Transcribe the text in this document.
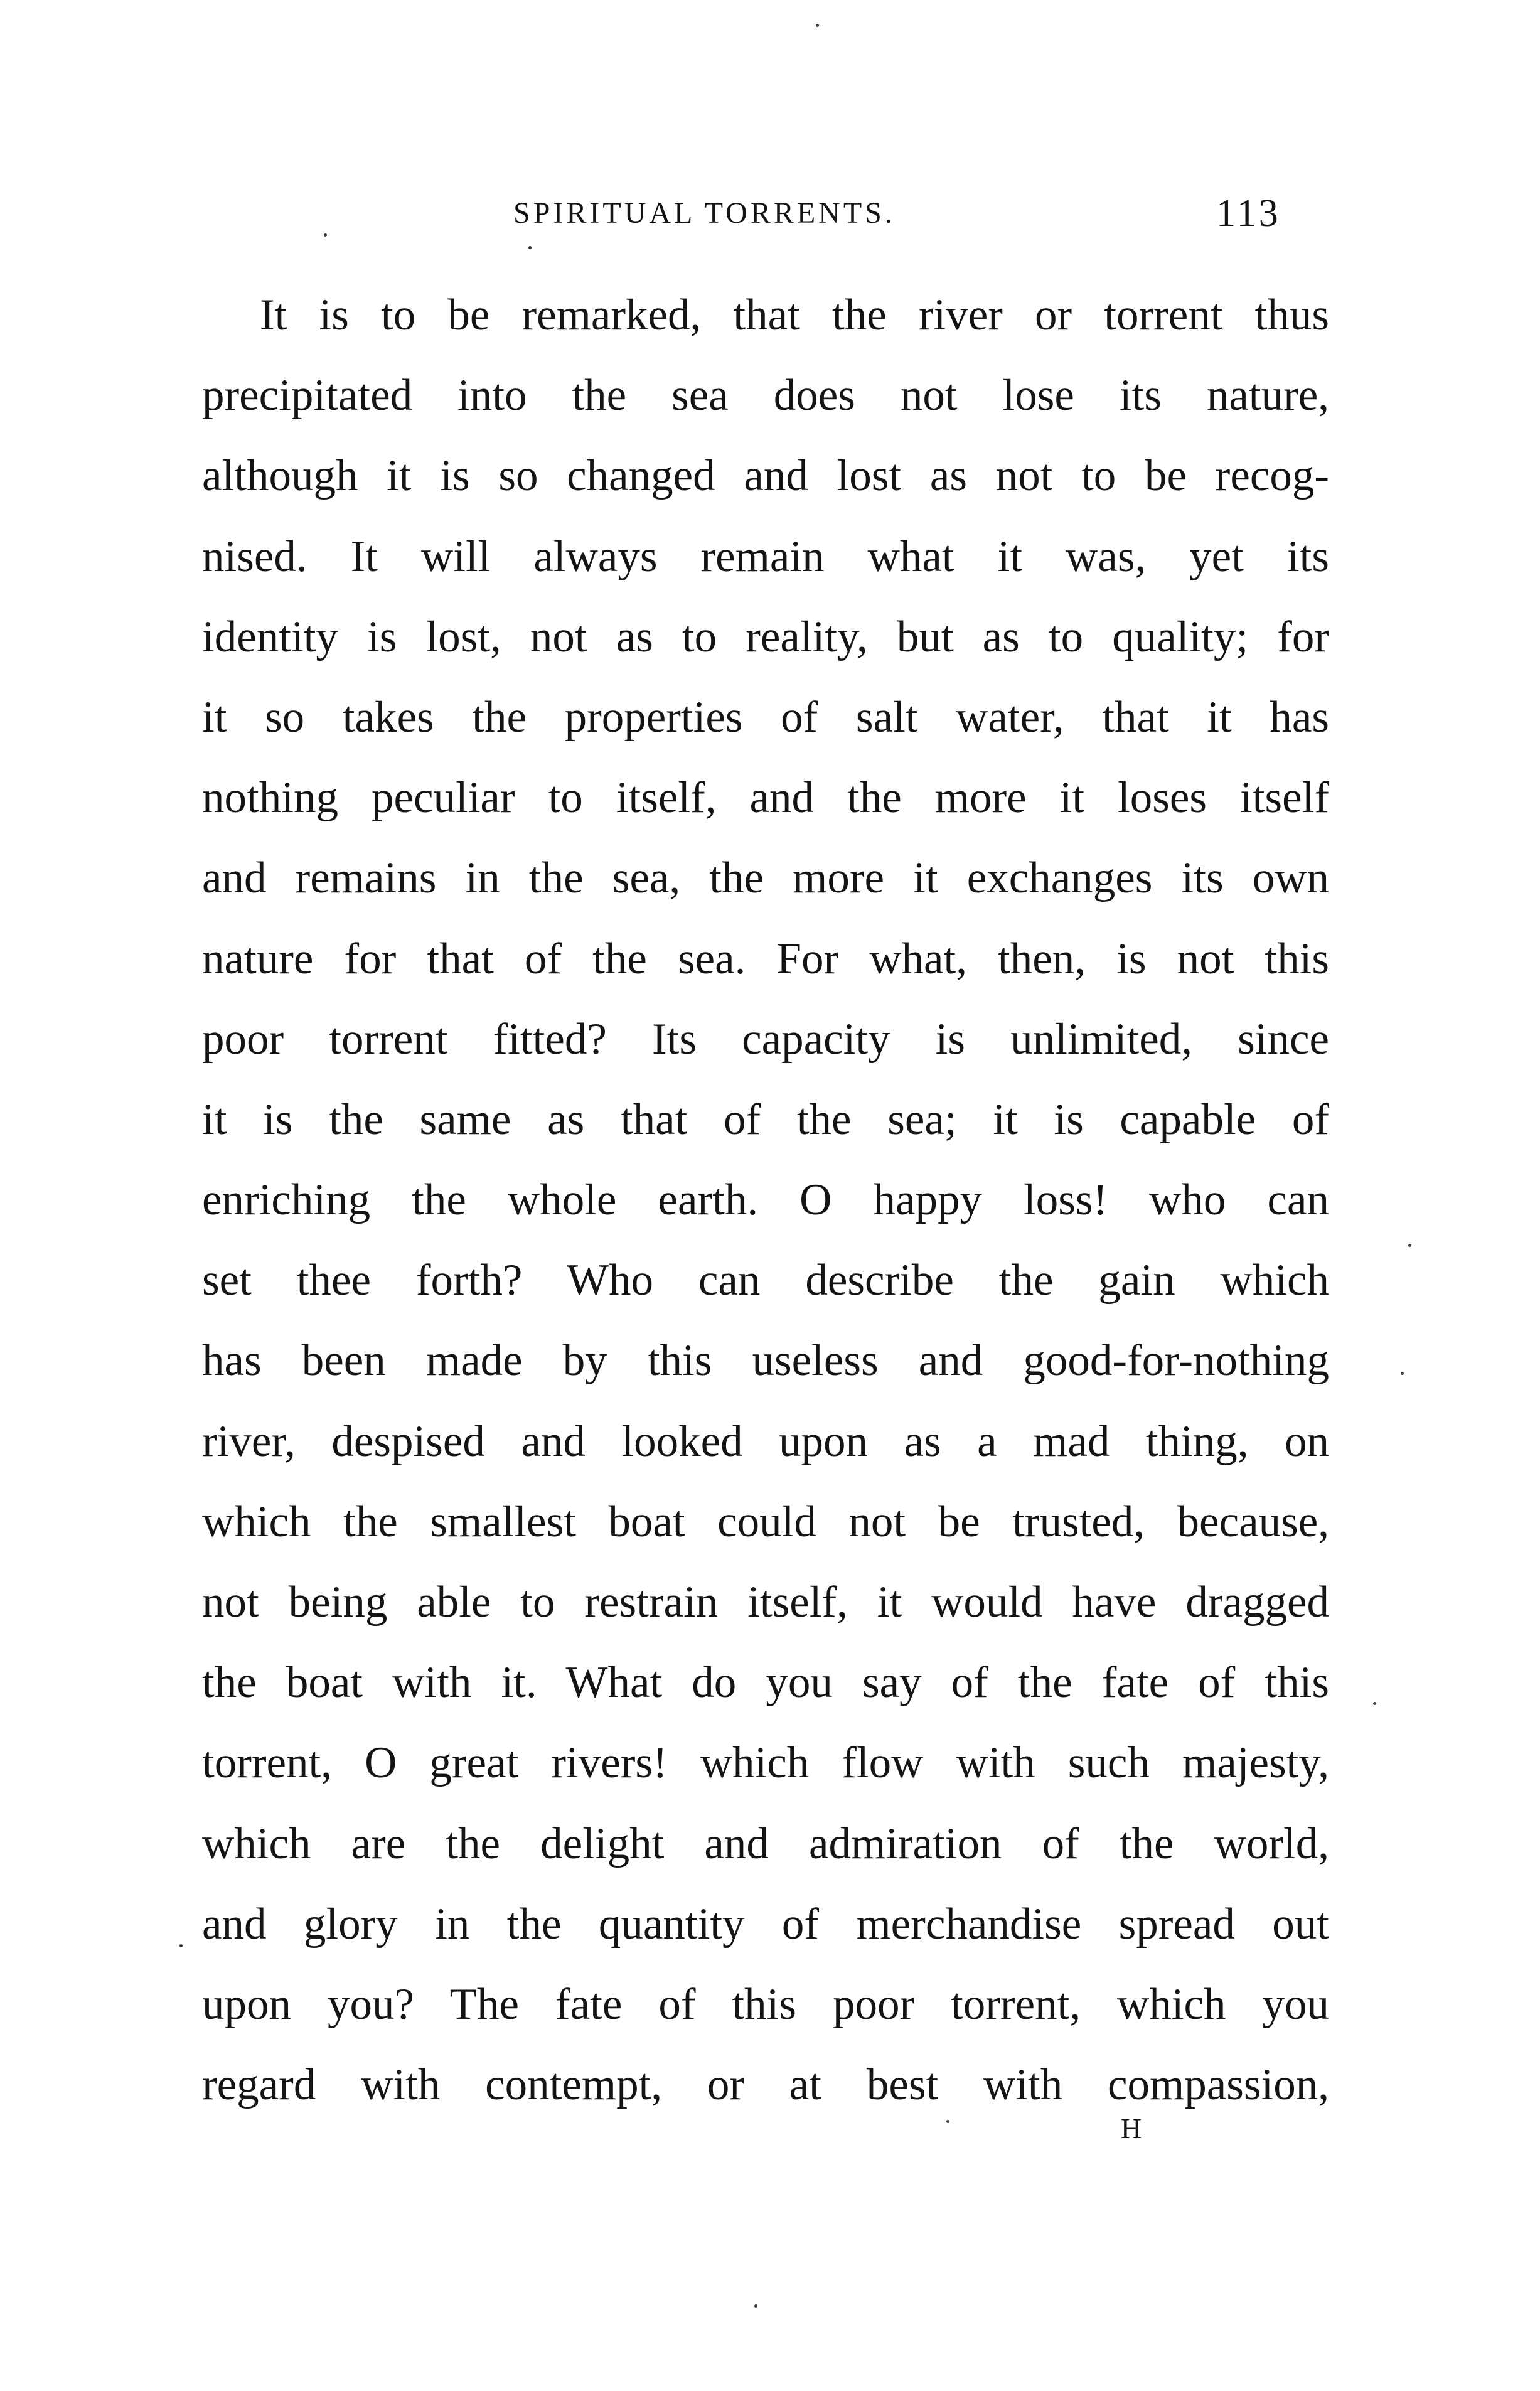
SPIRITUAL TORRENTS.	113
It is to be remarked, that the river or torrent thus
precipitated into the sea does not lose its nature,
although it is so changed and lost as not to be recog-
nised. It will always remain what it was, yet its
identity is lost, not as to reality, but as to quality; for
it so takes the properties of salt water, that it has
nothing peculiar to itself, and the more it loses itself
and remains in the sea, the more it exchanges its own
nature for that of the sea. For what, then, is not this
poor torrent fitted? Its capacity is unlimited, since
it is the same as that of the sea; it is capable of
enriching the whole earth. O happy loss! who can
set thee forth? Who can describe the gain which
has been made by this useless and good-for-nothing
river, despised and looked upon as a mad thing, on
which the smallest boat could not be trusted, because,
not being able to restrain itself, it would have dragged
the boat with it. What do you say of the fate of this
torrent, O great rivers! which flow with such majesty,
which are the delight and admiration of the world,
and glory in the quantity of merchandise spread out
upon you? The fate of this poor torrent, which you
regard with contempt, or at best with compassion,
H
